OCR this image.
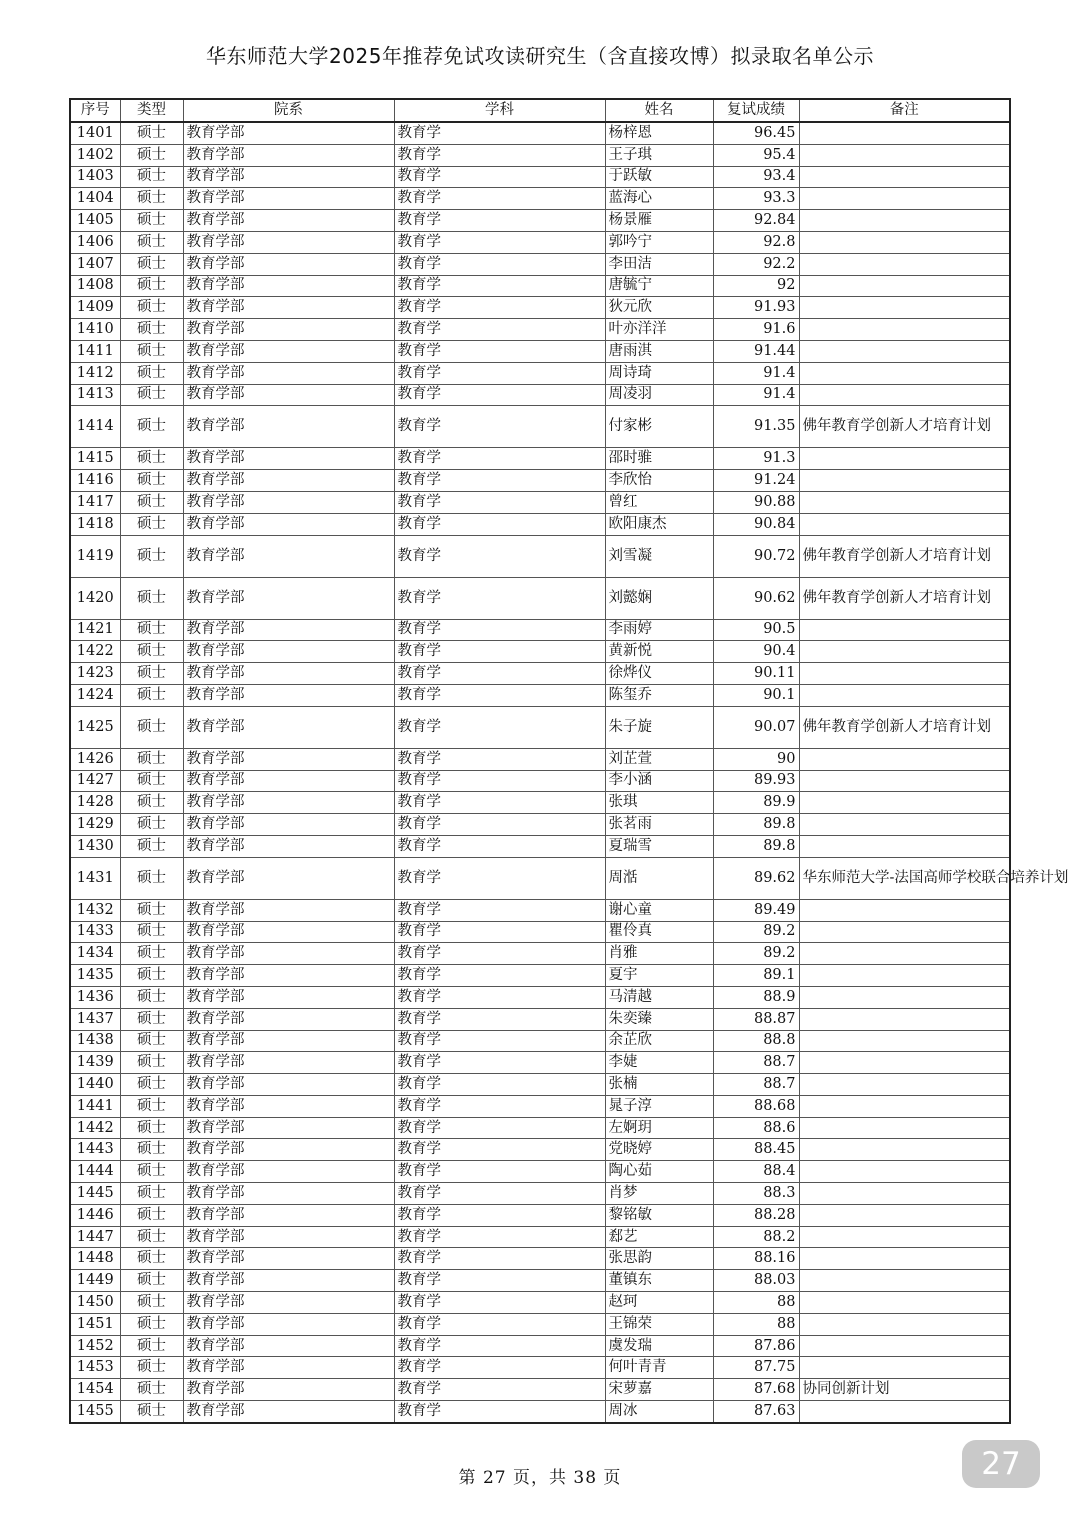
华东师范大学2025年推荐免试攻读研究生（含直接攻博）拟录取名单公示
序号	类型	院系	学科	姓名	复试成绩	备注
1401	硕士	教育学部	教育学	杨梓恩	96.45	
1402	硕士	教育学部	教育学	王子琪	95.4	
1403	硕士	教育学部	教育学	于跃敏	93.4	
1404	硕士	教育学部	教育学	蓝海心	93.3	
1405	硕士	教育学部	教育学	杨景雁	92.84	
1406	硕士	教育学部	教育学	郭吟宁	92.8	
1407	硕士	教育学部	教育学	李田洁	92.2	
1408	硕士	教育学部	教育学	唐毓宁	92	
1409	硕士	教育学部	教育学	狄元欣	91.93	
1410	硕士	教育学部	教育学	叶亦洋洋	91.6	
1411	硕士	教育学部	教育学	唐雨淇	91.44	
1412	硕士	教育学部	教育学	周诗琦	91.4	
1413	硕士	教育学部	教育学	周凌羽	91.4	
1414	硕士	教育学部	教育学	付家彬	91.35	佛年教育学创新人才培育计划
1415	硕士	教育学部	教育学	邵时骓	91.3	
1416	硕士	教育学部	教育学	李欣怡	91.24	
1417	硕士	教育学部	教育学	曾红	90.88	
1418	硕士	教育学部	教育学	欧阳康杰	90.84	
1419	硕士	教育学部	教育学	刘雪凝	90.72	佛年教育学创新人才培育计划
1420	硕士	教育学部	教育学	刘懿娴	90.62	佛年教育学创新人才培育计划
1421	硕士	教育学部	教育学	李雨婷	90.5	
1422	硕士	教育学部	教育学	黄新悦	90.4	
1423	硕士	教育学部	教育学	徐烨仪	90.11	
1424	硕士	教育学部	教育学	陈玺乔	90.1	
1425	硕士	教育学部	教育学	朱子旋	90.07	佛年教育学创新人才培育计划
1426	硕士	教育学部	教育学	刘芷萱	90	
1427	硕士	教育学部	教育学	李小涵	89.93	
1428	硕士	教育学部	教育学	张琪	89.9	
1429	硕士	教育学部	教育学	张茗雨	89.8	
1430	硕士	教育学部	教育学	夏瑞雪	89.8	
1431	硕士	教育学部	教育学	周湉	89.62	华东师范大学-法国高师学校联合培养计划
1432	硕士	教育学部	教育学	谢心童	89.49	
1433	硕士	教育学部	教育学	瞿伶真	89.2	
1434	硕士	教育学部	教育学	肖雅	89.2	
1435	硕士	教育学部	教育学	夏宇	89.1	
1436	硕士	教育学部	教育学	马清越	88.9	
1437	硕士	教育学部	教育学	朱奕臻	88.87	
1438	硕士	教育学部	教育学	余芷欣	88.8	
1439	硕士	教育学部	教育学	李婕	88.7	
1440	硕士	教育学部	教育学	张楠	88.7	
1441	硕士	教育学部	教育学	晁子淳	88.68	
1442	硕士	教育学部	教育学	左婀玥	88.6	
1443	硕士	教育学部	教育学	党晓婷	88.45	
1444	硕士	教育学部	教育学	陶心茹	88.4	
1445	硕士	教育学部	教育学	肖梦	88.3	
1446	硕士	教育学部	教育学	黎铭敏	88.28	
1447	硕士	教育学部	教育学	郄艺	88.2	
1448	硕士	教育学部	教育学	张思韵	88.16	
1449	硕士	教育学部	教育学	董镇东	88.03	
1450	硕士	教育学部	教育学	赵珂	88	
1451	硕士	教育学部	教育学	王锦荣	88	
1452	硕士	教育学部	教育学	虞发瑞	87.86	
1453	硕士	教育学部	教育学	何叶青青	87.75	
1454	硕士	教育学部	教育学	宋萝嘉	87.68	协同创新计划
1455	硕士	教育学部	教育学	周冰	87.63	
第 27 页，共 38 页	27
